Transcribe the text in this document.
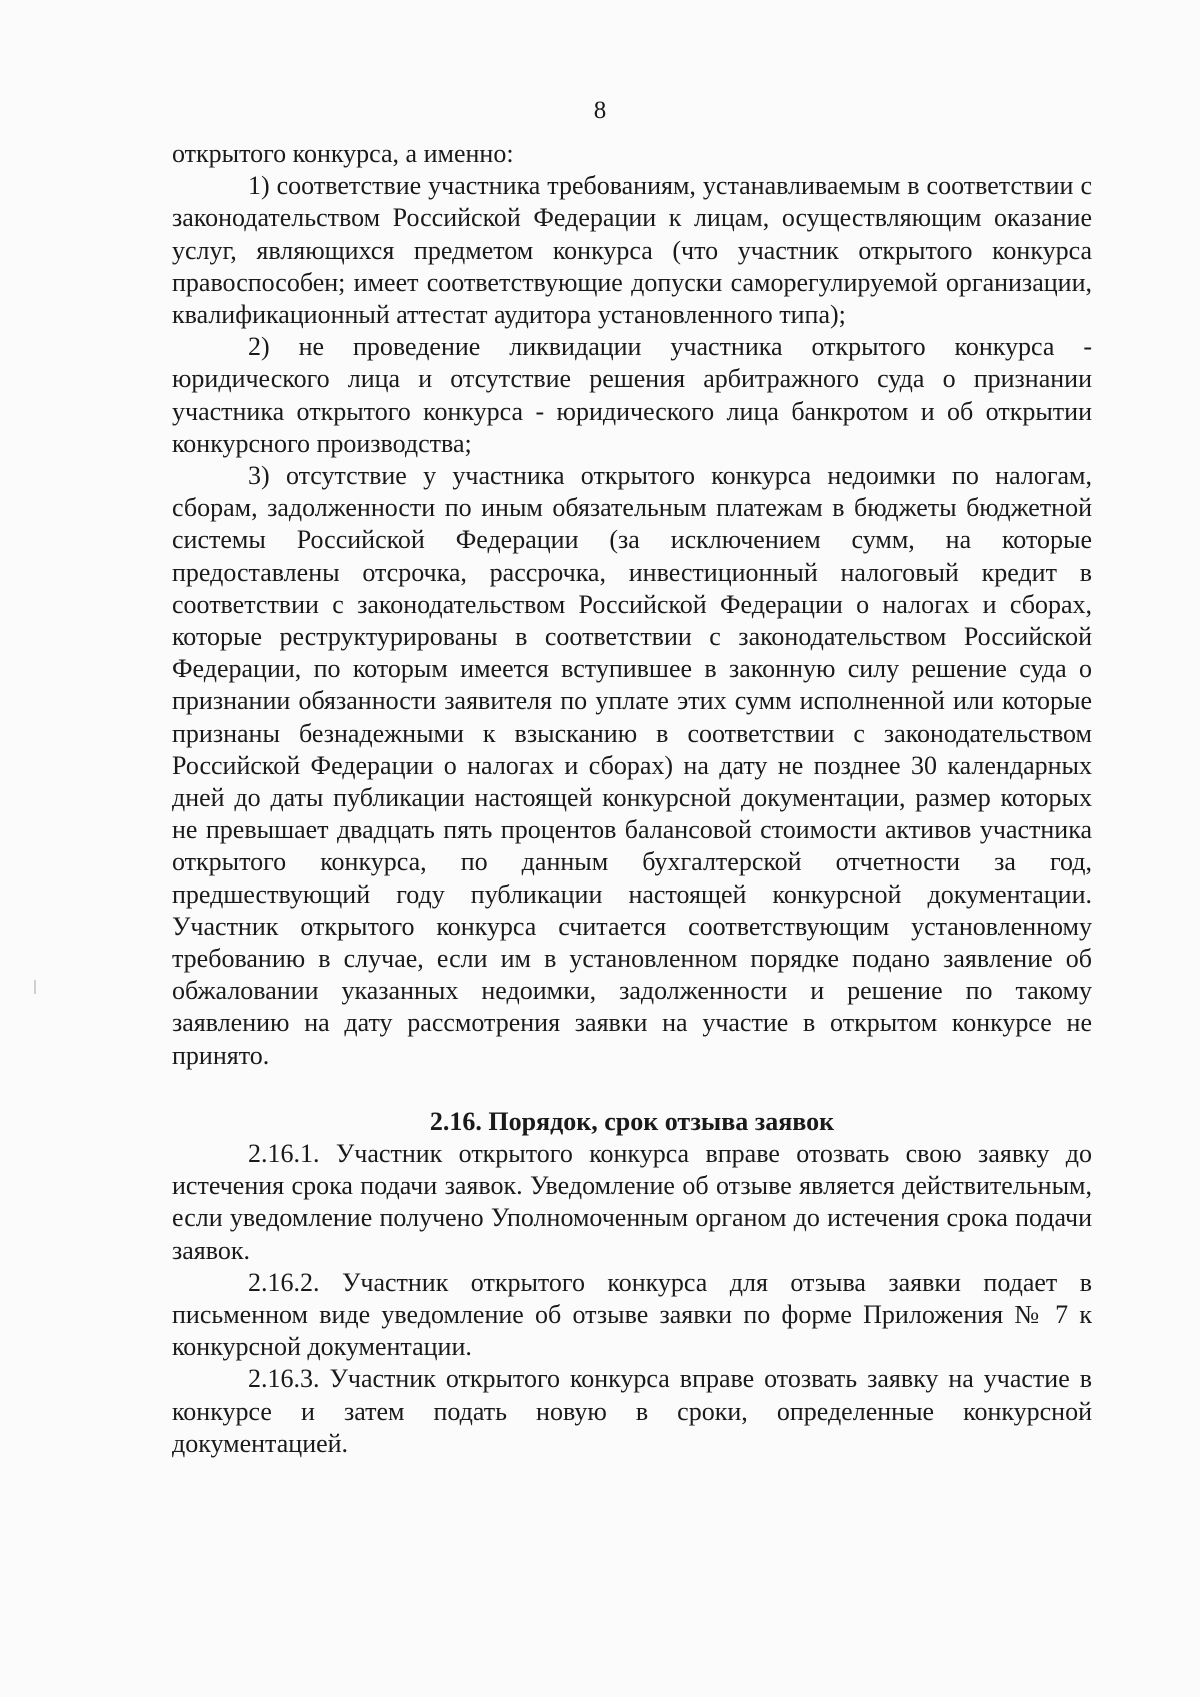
8

открытого конкурса, а именно:

1) соответствие участника требованиям, устанавливаемым в соответствии с законодательством Российской Федерации к лицам, осуществляющим оказание услуг, являющихся предметом конкурса (что участник открытого конкурса правоспособен; имеет соответствующие допуски саморегулируемой организации, квалификационный аттестат аудитора установленного типа);

2) не проведение ликвидации участника открытого конкурса - юридического лица и отсутствие решения арбитражного суда о признании участника открытого конкурса - юридического лица банкротом и об открытии конкурсного производства;

3) отсутствие у участника открытого конкурса недоимки по налогам, сборам, задолженности по иным обязательным платежам в бюджеты бюджетной системы Российской Федерации (за исключением сумм, на которые предоставлены отсрочка, рассрочка, инвестиционный налоговый кредит в соответствии с законодательством Российской Федерации о налогах и сборах, которые реструктурированы в соответствии с законодательством Российской Федерации, по которым имеется вступившее в законную силу решение суда о признании обязанности заявителя по уплате этих сумм исполненной или которые признаны безнадежными к взысканию в соответствии с законодательством Российской Федерации о налогах и сборах) на дату не позднее 30 календарных дней до даты публикации настоящей конкурсной документации, размер которых не превышает двадцать пять процентов балансовой стоимости активов участника открытого конкурса, по данным бухгалтерской отчетности за год, предшествующий году публикации настоящей конкурсной документации. Участник открытого конкурса считается соответствующим установленному требованию в случае, если им в установленном порядке подано заявление об обжаловании указанных недоимки, задолженности и решение по такому заявлению на дату рассмотрения заявки на участие в открытом конкурсе не принято.

2.16. Порядок, срок отзыва заявок

2.16.1. Участник открытого конкурса вправе отозвать свою заявку до истечения срока подачи заявок. Уведомление об отзыве является действительным, если уведомление получено Уполномоченным органом до истечения срока подачи заявок.

2.16.2. Участник открытого конкурса для отзыва заявки подает в письменном виде уведомление об отзыве заявки по форме Приложения № 7 к конкурсной документации.

2.16.3. Участник открытого конкурса вправе отозвать заявку на участие в конкурсе и затем подать новую в сроки, определенные конкурсной документацией.
